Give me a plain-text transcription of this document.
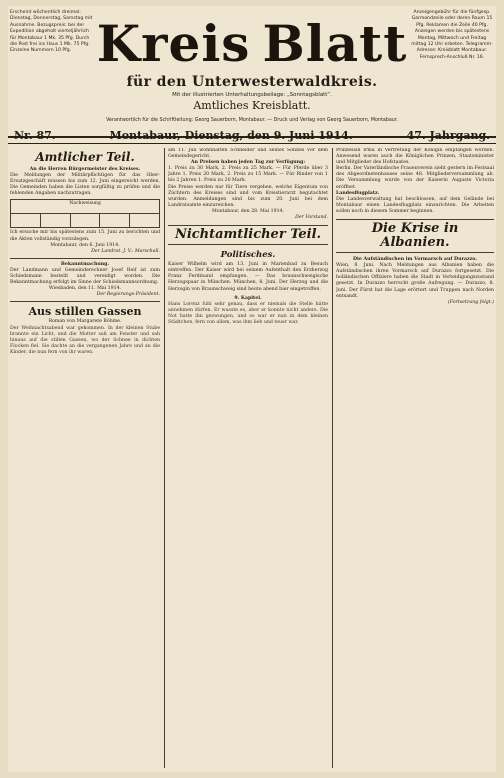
Erscheint wöchentlich dreimal: Dienstag, Donnerstag, Samstag mit Ausnahme. Bezugspreis: bei der Expedition abgeholt vierteljährlich für Montabaur 1 Mk. 35 Pfg. Durch die Post frei ins Haus 1 Mk. 75 Pfg. Einzelne Nummern 10 Pfg.
Anzeigengebühr für die fünfgesp. Garmondzeile oder deren Raum 15 Pfg. Reklamen die Zeile 40 Pfg. Anzeigen werden bis spätestens Montag, Mittwoch und Freitag mittag 12 Uhr erbeten. Telegramm-Adresse: Kreisblatt Montabaur. Fernsprech-Anschluß Nr. 16.
Kreis Blatt
für den Unterwesterwaldkreis.
Mit der illustrierten Unterhaltungsbeilage: „Sonntagsblatt“.
Amtliches Kreisblatt.
Verantwortlich für die Schriftleitung: Georg Sauerborn, Montabaur. — Druck und Verlag von Georg Sauerborn, Montabaur.
Nr. 87.	Montabaur, Dienstag, den 9. Juni 1914.	47. Jahrgang.
Amtlicher Teil.
An die Herren Bürgermeister des Kreises.

Die Meldungen der Militärpflichtigen für das Ober-Ersatzgeschäft müssen bis zum 12. Juni eingereicht werden. Die Gemeinden haben die Listen sorgfältig zu prüfen und die fehlenden Angaben nachzutragen.

Nachweisung

Ich ersuche mir bis spätestens zum 15. Juni zu berichten und die Akten vollständig vorzulegen.

Montabaur, den 6. Juni 1914.

Der Landrat. J. V.: Marschall.

Bekanntmachung.

Der Landmann und Gemeinderechner Josef Reif ist zum Schiedsmann bestellt und vereidigt worden. Die Bekanntmachung erfolgt im Sinne der Schiedsmannsordnung.

Wiesbaden, den 11. Mai 1914.

Der Regierungs-Präsident.

Aus stillen Gassen
Roman von Margarete Böhme.

Der Weihnachtsabend war gekommen. In der kleinen Stube brannte ein Licht, und die Mutter saß am Fenster und sah hinaus auf die stillen Gassen, wo der Schnee in dichten Flocken fiel. Sie dachte an die vergangenen Jahre und an die Kinder, die nun fern von ihr waren.

am 11. Juli wohnhaften Schneider und seines Sohnes vor dem Gemeindegericht.

An Preisen haben jeden Tag zur Verfügung:

1. Preis zu 30 Mark, 2. Preis zu 25 Mark. — Für Pferde über 3 Jahre 1. Preis 20 Mark, 2. Preis zu 15 Mark. — Für Rinder von 1 bis 2 Jahren 1. Preis zu 20 Mark.

Die Preise werden nur für Tiere vergeben, welche Eigentum von Züchtern des Kreises sind und vom Kreistierarzt begutachtet wurden. Anmeldungen sind bis zum 20. Juni bei dem Landratsamte einzureichen.

Montabaur, den 28. Mai 1914.

Der Vorstand.

Nichtamtlicher Teil.
Politisches.

Kaiser Wilhelm wird am 13. Juni in Marienbad zu Besuch eintreffen. Der Kaiser wird bei seinem Aufenthalt den Erzherzog Franz Ferdinand empfangen. — Das braunschweigische Herzogspaar in München. München, 8. Juni. Der Herzog und die Herzogin von Braunschweig sind heute abend hier eingetroffen.

9. Kapitel.

Hans Lorenz fuhl sehr genau, dass er niemals die Stelle hätte annehmen dürfen. Er wusste es, aber er konnte nicht anders. Die Not hatte ihn gezwungen, und so war er nun in dem kleinen Städtchen, fern von allem, was ihm lieb und teuer war.

Prinzessin Irma in Vertretung der Königin empfangen worden. Anwesend waren auch die Königlichen Prinzen, Staatsminister und Mitglieder des Hofstaates.

Berlin. Der Vaterländische Frauenverein sieht gestern im Festsaal des Abgeordnetenhauses seine 48. Mitgliederversammlung ab. Die Versammlung wurde von der Kaiserin Auguste Victoria eröffnet.

Landesflugplatz.

Die Landesverwaltung hat beschlossen, auf dem Gelände bei Montabaur einen Landesflugplatz einzurichten. Die Arbeiten sollen noch in diesem Sommer beginnen.

Die Krise in Albanien.
Die Aufständischen im Vormarsch auf Durazzo.

Wien, 8. Juni. Nach Meldungen aus Albanien haben die Aufständischen ihren Vormarsch auf Durazzo fortgesetzt. Die holländischen Offiziere haben die Stadt in Verteidigungszustand gesetzt. In Durazzo herrscht große Aufregung. — Durazzo, 8. Juni. Der Fürst hat die Lage erörtert und Truppen nach Norden entsandt.

(Fortsetzung folgt.)
